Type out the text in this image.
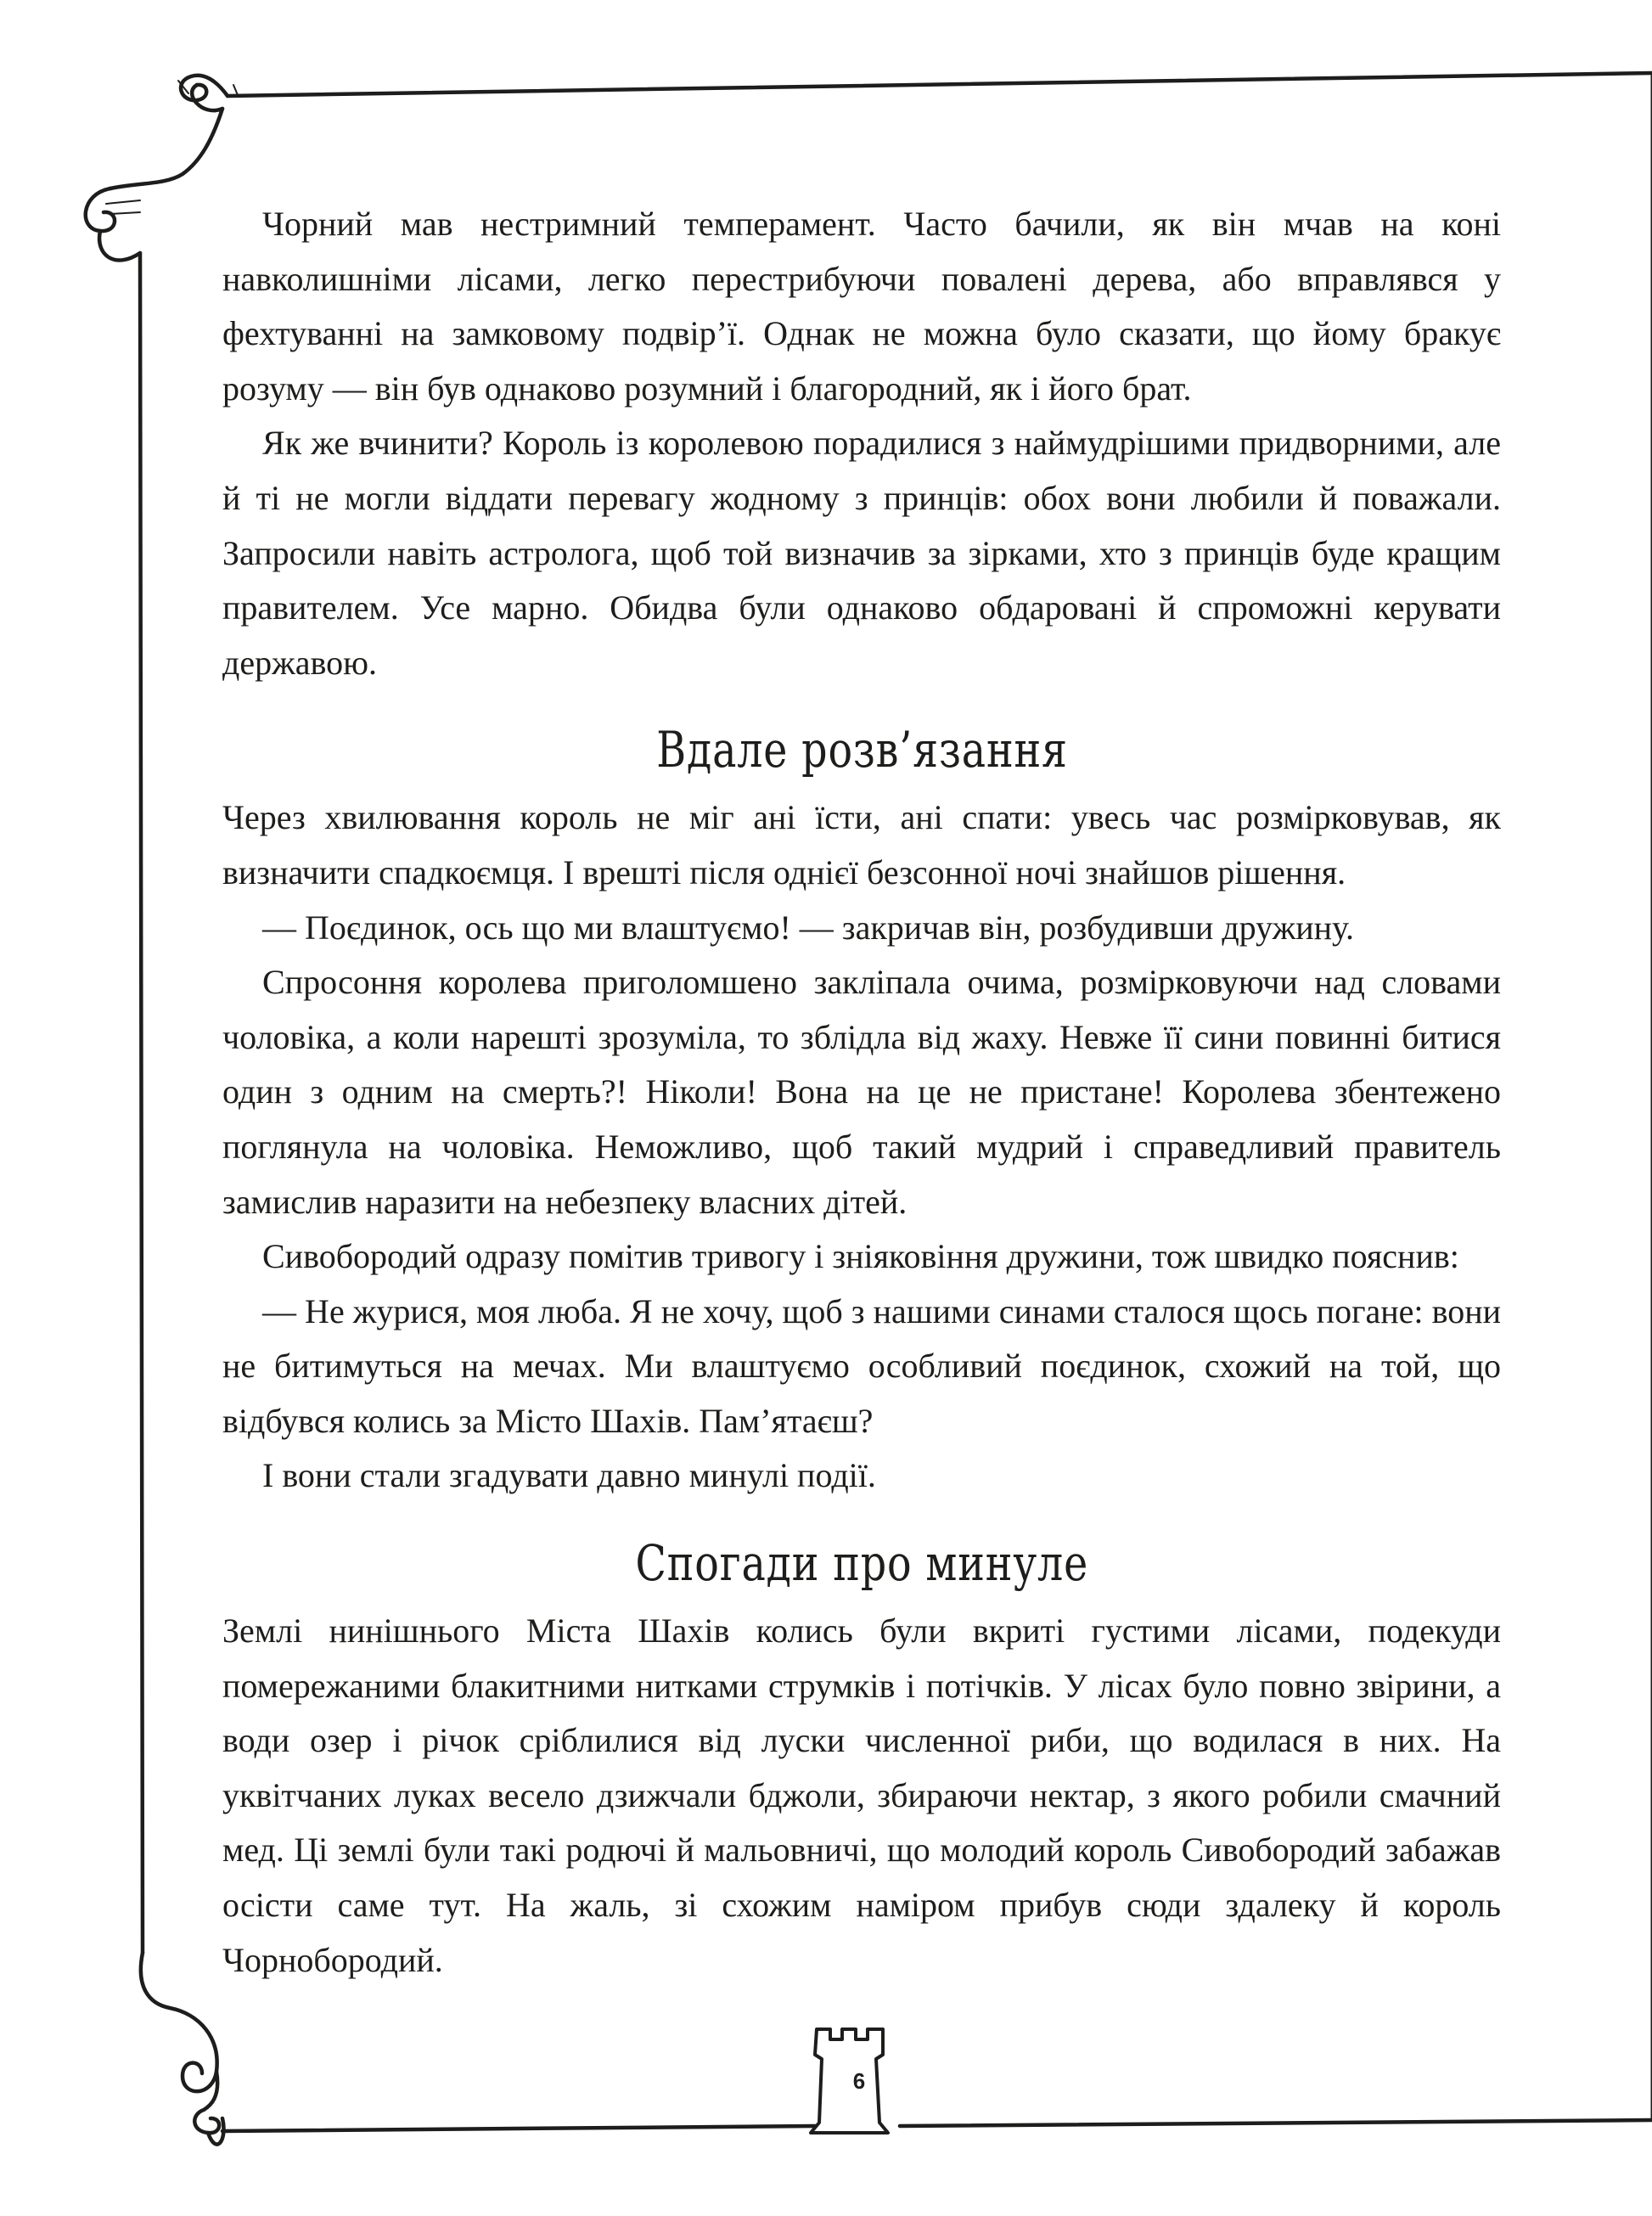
Чорний мав нестримний темперамент. Часто бачили, як він мчав на коні навколишніми лісами, легко перестрибуючи повалені дерева, або вправлявся у фехтуванні на замковому подвір’ї. Однак не можна було сказати, що йому бракує розуму — він був однаково розумний і благородний, як і його брат.

Як же вчинити? Король із королевою порадилися з наймудрішими придворними, але й ті не могли віддати перевагу жодному з принців: обох вони любили й поважали. Запросили навіть астролога, щоб той визначив за зірками, хто з принців буде кращим правителем. Усе марно. Обидва були однаково обдаровані й спроможні керувати державою.

Вдале розв’язання

Через хвилювання король не міг ані їсти, ані спати: увесь час розмірковував, як визначити спадкоємця. І врешті після однієї безсонної ночі знайшов рішення.

— Поєдинок, ось що ми влаштуємо! — закричав він, розбудивши дружину.

Спросоння королева приголомшено закліпала очима, розмірковуючи над словами чоловіка, а коли нарешті зрозуміла, то зблідла від жаху. Невже її сини повинні битися один з одним на смерть?! Ніколи! Вона на це не пристане! Королева збентежено поглянула на чоловіка. Неможливо, щоб такий мудрий і справедливий правитель замислив наразити на небезпеку власних дітей.

Сивобородий одразу помітив тривогу і зніяковіння дружини, тож швидко пояснив:

— Не журися, моя люба. Я не хочу, щоб з нашими синами сталося щось погане: вони не битимуться на мечах. Ми влаштуємо особливий поєдинок, схожий на той, що відбувся колись за Місто Шахів. Пам’ятаєш?

І вони стали згадувати давно минулі події.

Спогади про минуле

Землі нинішнього Міста Шахів колись були вкриті густими лісами, подекуди помережаними блакитними нитками струмків і потічків. У лісах було повно звірини, а води озер і річок сріблилися від луски численної риби, що водилася в них. На уквітчаних луках весело дзижчали бджоли, збираючи нектар, з якого робили смачний мед. Ці землі були такі родючі й мальовничі, що молодий король Сивобородий забажав осісти саме тут. На жаль, зі схожим наміром прибув сюди здалеку й король Чорнобородий.

6
